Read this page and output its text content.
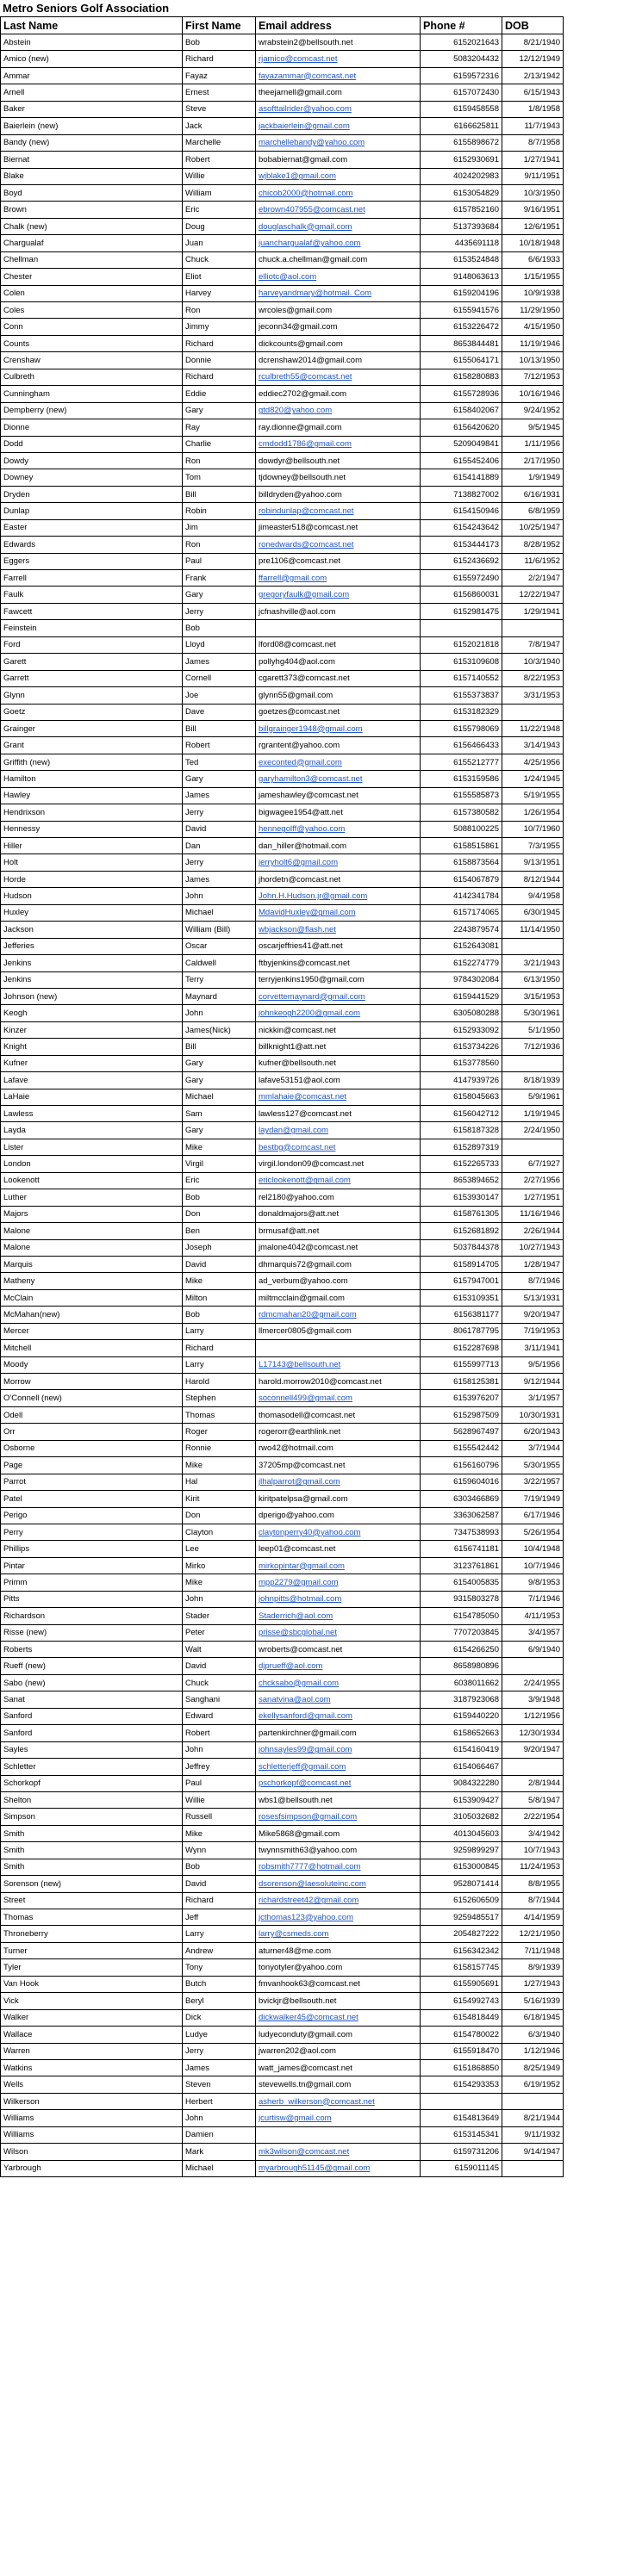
Metro Seniors Golf Association
Last Name	First Name	Email address	Phone #	DOB
Abstein	Bob	wrabstein2@bellsouth.net	6152021643	8/21/1940
Amico (new)	Richard	rjamico@comcast.net	5083204432	12/12/1949
Ammar	Fayaz	fayazammar@comcast.net	6159572316	2/13/1942
Arnell	Ernest	theejarnell@gmail.com	6157072430	6/15/1943
Baker	Steve	asofttailrider@yahoo.com	6159458558	1/8/1958
Baierlein (new)	Jack	jackbaierlein@gmail.com	6166625811	11/7/1943
Bandy (new)	Marchelle	marchellebandy@yahoo.com	6155898672	8/7/1958
Biernat	Robert	bobabiernat@gmail.com	6152930691	1/27/1941
Blake	Willie	wjblake1@gmail.com	4024202983	9/11/1951
Boyd	William	chicob2000@hotmail.com	6153054829	10/3/1950
Brown	Eric	ebrown407955@comcast.net	6157852160	9/16/1951
Chalk (new)	Doug	douglaschalk@gmail.com	5137393684	12/6/1951
Chargualaf	Juan	juanchargualaf@yahoo.com	4435691118	10/18/1948
Chellman	Chuck	chuck.a.chellman@gmail.com	6153524848	6/6/1933
Chester	Eliot	elliotc@aol.com	9148063613	1/15/1955
Colen	Harvey	harveyandmary@hotmail. Com	6159204196	10/9/1938
Coles	Ron	wrcoles@gmail.com	6155941576	11/29/1950
Conn	Jimmy	jeconn34@gmail.com	6153226472	4/15/1950
Counts	Richard	dickcounts@gmail.com	8653844481	11/19/1946
Crenshaw	Donnie	dcrenshaw2014@gmail.com	6155064171	10/13/1950
Culbreth	Richard	rculbreth55@comcast.net	6158280883	7/12/1953
Cunningham	Eddie	eddiec2702@gmail.com	6155728936	10/16/1946
Dempberry (new)	Gary	gtd820@yahoo.com	6158402067	9/24/1952
Dionne	Ray	ray.dionne@gmail.com	6156420620	9/5/1945
Dodd	Charlie	cmdodd1786@gmail.com	5209049841	1/11/1956
Dowdy	Ron	dowdyr@bellsouth.net	6155452406	2/17/1950
Downey	Tom	tjdowney@bellsouth.net	6154141889	1/9/1949
Dryden	Bill	billdryden@yahoo.com	7138827002	6/16/1931
Dunlap	Robin	robindunlap@comcast.net	6154150946	6/8/1959
Easter	Jim	jimeaster518@comcast.net	6154243642	10/25/1947
Edwards	Ron	ronedwards@comcast.net	6153444173	8/28/1952
Eggers	Paul	pre1106@comcast.net	6152436692	11/6/1952
Farrell	Frank	ffarrell@gmail.com	6155972490	2/2/1947
Faulk	Gary	gregoryfaulk@gmail.com	6156860031	12/22/1947
Fawcett	Jerry	jcfnashville@aol.com	6152981475	1/29/1941
Feinstein	Bob			
Ford	Lloyd	lford08@comcast.net	6152021818	7/8/1947
Garett	James	pollyhg404@aol.com	6153109608	10/3/1940
Garrett	Cornell	cgarett373@comcast.net	6157140552	8/22/1953
Glynn	Joe	glynn55@gmail.com	6155373837	3/31/1953
Goetz	Dave	goetzes@comcast.net	6153182329	
Grainger	Bill	billgrainger1948@gmail.com	6155798069	11/22/1948
Grant	Robert	rgrantent@yahoo.com	6156466433	3/14/1943
Griffith (new)	Ted	execonted@gmail.com	6155212777	4/25/1956
Hamilton	Gary	garyhamilton3@comcast.net	6153159586	1/24/1945
Hawley	James	jameshawley@comcast.net	6155585873	5/19/1955
Hendrixson	Jerry	bigwagee1954@att.net	6157380582	1/26/1954
Hennessy	David	hennegolff@yahoo.com	5088100225	10/7/1960
Hiller	Dan	dan_hiller@hotmail.com	6158515861	7/3/1955
Holt	Jerry	jerryholt6@gmail.com	6158873564	9/13/1951
Horde	James	jhordetn@comcast.net	6154067879	8/12/1944
Hudson	John	John.H.Hudson.jr@gmail.com	4142341784	9/4/1958
Huxley	Michael	MdavidHuxley@gmail.com	6157174065	6/30/1945
Jackson	William (Bill)	wbjackson@flash.net	2243879574	11/14/1950
Jefferies	Oscar	oscarjeffries41@att.net	6152643081	
Jenkins	Caldwell	ftbyjenkins@comcast.net	6152274779	3/21/1943
Jenkins	Terry	terryjenkins1950@gmail.com	9784302084	6/13/1950
Johnson (new)	Maynard	corvettemaynard@gmail.com	6159441529	3/15/1953
Keogh	John	johnkeogh2200@gmail.com	6305080288	5/30/1961
Kinzer	James(Nick)	nickkin@comcast.net	6152933092	5/1/1950
Knight	Bill	billknight1@att.net	6153734226	7/12/1936
Kufner	Gary	kufner@bellsouth.net	6153778560	
Lafave	Gary	lafave53151@aol.com	4147939726	8/18/1939
LaHaie	Michael	mmlahaie@comcast.net	6158045663	5/9/1961
Lawless	Sam	lawless127@comcast.net	6156042712	1/19/1945
Layda	Gary	laydan@gmail.com	6158187328	2/24/1950
Lister	Mike	bestbg@comcast.net	6152897319	
London	Virgil	virgil.london09@comcast.net	6152265733	6/7/1927
Lookenott	Eric	ericlookenott@gmail.com	8653894652	2/27/1956
Luther	Bob	rel2180@yahoo.com	6153930147	1/27/1951
Majors	Don	donaldmajors@att.net	6158761305	11/16/1946
Malone	Ben	brmusaf@att.net	6152681892	2/26/1944
Malone	Joseph	jmalone4042@comcast.net	5037844378	10/27/1943
Marquis	David	dhmarquis72@gmail.com	6158914705	1/28/1947
Matheny	Mike	ad_verbum@yahoo.com	6157947001	8/7/1946
McClain	Milton	miltmcclain@gmail.com	6153109351	5/13/1931
McMahan(new)	Bob	rdmcmahan20@gmail.com	6156381177	9/20/1947
Mercer	Larry	llmercer0805@gmail.com	8061787795	7/19/1953
Mitchell	Richard		6152287698	3/11/1941
Moody	Larry	L17143@bellsouth.net	6155997713	9/5/1956
Morrow	Harold	harold.morrow2010@comcast.net	6158125381	9/12/1944
O'Connell (new)	Stephen	soconnell499@gmail.com	6153976207	3/1/1957
Odell	Thomas	thomasodell@comcast.net	6152987509	10/30/1931
Orr	Roger	rogerorr@earthlink.net	5628967497	6/20/1943
Osborne	Ronnie	rwo42@hotmail.com	6155542442	3/7/1944
Page	Mike	37205mp@comcast.net	6156160796	5/30/1955
Parrot	Hal	jlhalparrot@gmail.com	6159604016	3/22/1957
Patel	Kirit	kiritpatelpsa@gmail.com	6303466869	7/19/1949
Perigo	Don	dperigo@yahoo.com	3363062587	6/17/1946
Perry	Clayton	claytonperry40@yahoo.com	7347538993	5/26/1954
Phillips	Lee	leep01@comcast.net	6156741181	10/4/1948
Pintar	Mirko	mirkopintar@gmail.com	3123761861	10/7/1946
Primm	Mike	mpp2279@gmail.com	6154005835	9/8/1953
Pitts	John	johnpitts@hotmail.com	9315803278	7/1/1946
Richardson	Stader	Staderrich@aol.com	6154785050	4/11/1953
Risse (new)	Peter	prisse@sbcglobal.net	7707203845	3/4/1957
Roberts	Walt	wroberts@comcast.net	6154266250	6/9/1940
Rueff (new)	David	djprueff@aol.com	8658980896	
Sabo (new)	Chuck	chcksabo@gmail.com	6038011662	2/24/1955
Sanat	Sanghani	sanatvina@aol.com	3187923068	3/9/1948
Sanford	Edward	ekellysanford@gmail.com	6159440220	1/12/1956
Sanford	Robert	partenkirchner@gmail.com	6158652663	12/30/1934
Sayles	John	johnsayles99@gmail.com	6154160419	9/20/1947
Schletter	Jeffrey	schletterjeff@gmail.com	6154066467	
Schorkopf	Paul	pschorkopf@comcast.net	9084322280	2/8/1944
Shelton	Willie	wbs1@bellsouth.net	6153909427	5/8/1947
Simpson	Russell	rosesfsimpson@gmail.com	3105032682	2/22/1954
Smith	Mike	Mike5868@gmail.com	4013045603	3/4/1942
Smith	Wynn	twynnsmith63@yahoo.com	9259899297	10/7/1943
Smith	Bob	robsmith7777@hotmail.com	6153000845	11/24/1953
Sorenson (new)	David	dsorenson@laesoluteinc.com	9528071414	8/8/1955
Street	Richard	richardstreet42@gmail.com	6152606509	8/7/1944
Thomas	Jeff	jcthomas123@yahoo.com	9259485517	4/14/1959
Throneberry	Larry	larry@csmeds.com	2054827222	12/21/1950
Turner	Andrew	aturner48@me.com	6156342342	7/11/1948
Tyler	Tony	tonyotyler@yahoo.com	6158157745	8/9/1939
Van Hook	Butch	fmvanhook63@comcast.net	6155905691	1/27/1943
Vick	Beryl	bvickjr@bellsouth.net	6154992743	5/16/1939
Walker	Dick	dickwalker45@comcast.net	6154818449	6/18/1945
Wallace	Ludye	ludyeconduty@gmail.com	6154780022	6/3/1940
Warren	Jerry	jwarren202@aol.com	6155918470	1/12/1946
Watkins	James	watt_james@comcast.net	6151868850	8/25/1949
Wells	Steven	stevewells.tn@gmail.com	6154293353	6/19/1952
Wilkerson	Herbert	asherb_wilkerson@comcast.net		
Williams	John	jcurtisw@gmail.com	6154813649	8/21/1944
Williams	Damien		6153145341	9/11/1932
Wilson	Mark	mk3wilson@comcast.net	6159731206	9/14/1947
Yarbrough	Michael	myarbrough51145@gmail.com	6159011145	
